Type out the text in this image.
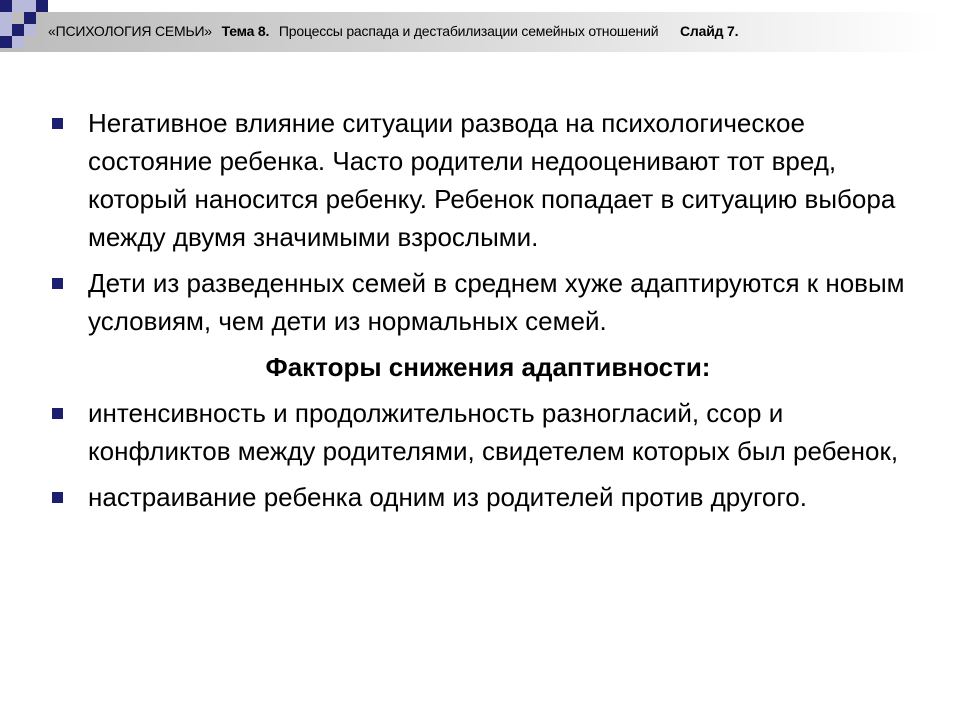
«ПСИХОЛОГИЯ СЕМЬИ» Тема 8. Процессы распада и дестабилизации семейных отношений Слайд 7.
Негативное влияние ситуации развода на психологическое состояние ребенка. Часто родители недооценивают тот вред, который наносится ребенку. Ребенок попадает в ситуацию выбора между двумя значимыми взрослыми.
Дети из разведенных семей в среднем хуже адаптируются к новым условиям, чем дети из нормальных семей.
Факторы снижения адаптивности:
интенсивность и продолжительность разногласий, ссор и конфликтов между родителями, свидетелем которых был ребенок,
настраивание ребенка одним из родителей против другого.
